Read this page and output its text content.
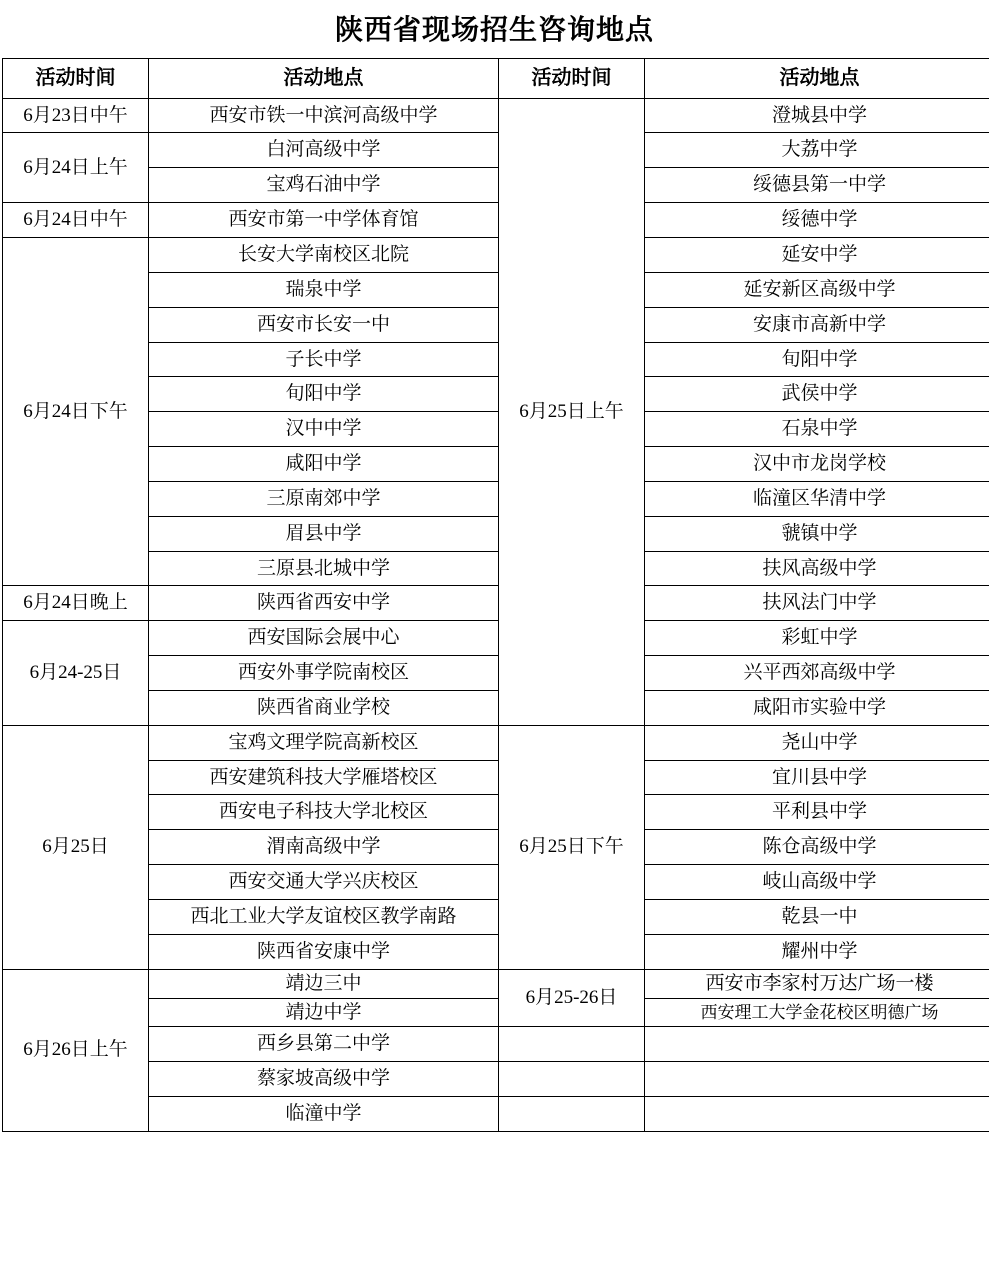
陕西省现场招生咨询地点
活动时间	活动地点	活动时间	活动地点
6月23日中午	西安市铁一中滨河高级中学	6月25日上午	澄城县中学
6月24日上午	白河高级中学		大荔中学
	宝鸡石油中学		绥德县第一中学
6月24日中午	西安市第一中学体育馆		绥德中学
6月24日下午	长安大学南校区北院		延安中学
	瑞泉中学		延安新区高级中学
	西安市长安一中		安康市高新中学
	子长中学		旬阳中学
	旬阳中学		武侯中学
	汉中中学		石泉中学
	咸阳中学		汉中市龙岗学校
	三原南郊中学		临潼区华清中学
	眉县中学		虢镇中学
	三原县北城中学		扶风高级中学
6月24日晚上	陕西省西安中学		扶风法门中学
6月24-25日	西安国际会展中心		彩虹中学
	西安外事学院南校区		兴平西郊高级中学
	陕西省商业学校		咸阳市实验中学
6月25日	宝鸡文理学院高新校区	6月25日下午	尧山中学
	西安建筑科技大学雁塔校区		宜川县中学
	西安电子科技大学北校区		平利县中学
	渭南高级中学		陈仓高级中学
	西安交通大学兴庆校区		岐山高级中学
	西北工业大学友谊校区教学南路		乾县一中
	陕西省安康中学		耀州中学
6月26日上午	靖边三中	6月25-26日	西安市李家村万达广场一楼
	靖边中学		西安理工大学金花校区明德广场
	西乡县第二中学		
	蔡家坡高级中学		
	临潼中学		
